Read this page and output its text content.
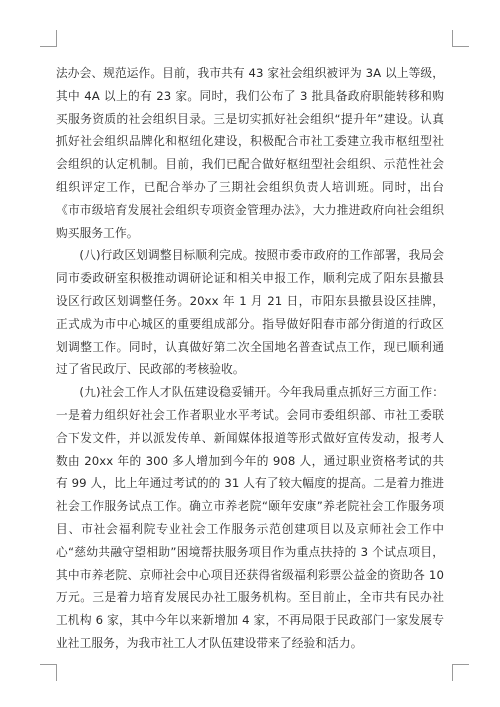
法办会、规范运作。目前，我市共有 43 家社会组织被评为 3A 以上等级，其中 4A 以上的有 23 家。同时，我们公布了 3 批具备政府职能转移和购买服务资质的社会组织目录。三是切实抓好社会组织“提升年”建设。认真抓好社会组织品牌化和枢纽化建设，积极配合市社工委建立我市枢纽型社会组织的认定机制。目前，我们已配合做好枢纽型社会组织、示范性社会组织评定工作，已配合举办了三期社会组织负责人培训班。同时，出台《市市级培育发展社会组织专项资金管理办法》，大力推进政府向社会组织购买服务工作。

(八)行政区划调整目标顺利完成。按照市委市政府的工作部署，我局会同市委政研室积极推动调研论证和相关申报工作，顺利完成了阳东县撤县设区行政区划调整任务。20xx 年 1 月 21 日，市阳东县撤县设区挂牌，正式成为市中心城区的重要组成部分。指导做好阳春市部分街道的行政区划调整工作。同时，认真做好第二次全国地名普查试点工作，现已顺利通过了省民政厅、民政部的考核验收。

(九)社会工作人才队伍建设稳妥铺开。今年我局重点抓好三方面工作：一是着力组织好社会工作者职业水平考试。会同市委组织部、市社工委联合下发文件，并以派发传单、新闻媒体报道等形式做好宣传发动，报考人数由 20xx 年的 300 多人增加到今年的 908 人，通过职业资格考试的共有 99 人，比上年通过考试的的 31 人有了较大幅度的提高。二是着力推进社会工作服务试点工作。确立市养老院“颐年安康”养老院社会工作服务项目、市社会福利院专业社会工作服务示范创建项目以及京师社会工作中心“慈幼共融守望相助”困境帮扶服务项目作为重点扶持的 3 个试点项目，其中市养老院、京师社会中心项目还获得省级福利彩票公益金的资助各 10 万元。三是着力培育发展民办社工服务机构。至目前止，全市共有民办社工机构 6 家，其中今年以来新增加 4 家，不再局限于民政部门一家发展专业社工服务，为我市社工人才队伍建设带来了经验和活力。
